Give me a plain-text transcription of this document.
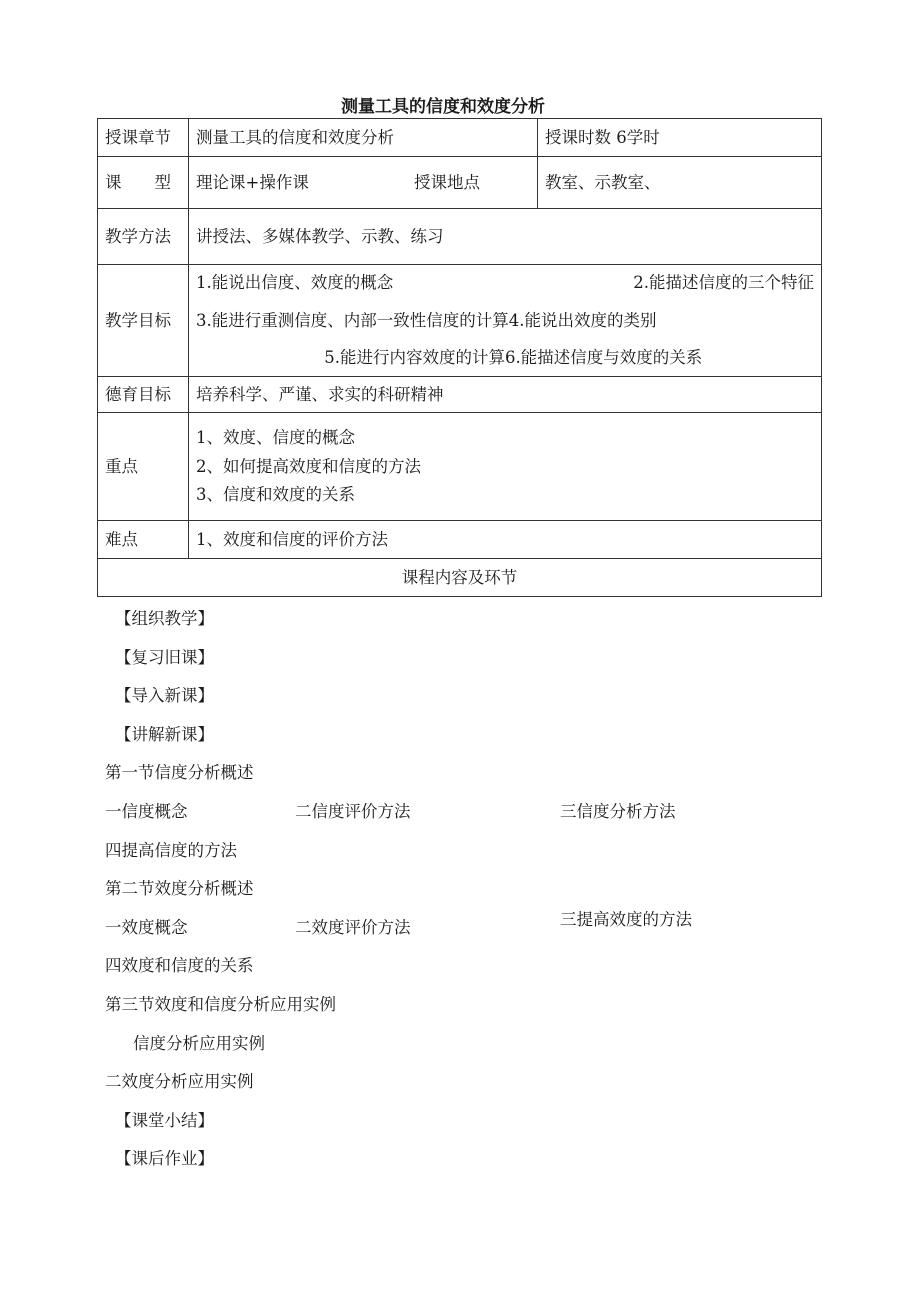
测量工具的信度和效度分析
授课章节	测量工具的信度和效度分析	授课时数 6学时
课　　型	理论课+操作课 授课地点	教室、示教室、
教学方法	讲授法、多媒体教学、示教、练习	
教学目标	1.能说出信度、效度的概念 2.能描述信度的三个特征
3.能进行重测信度、内部一致性信度的计算4.能说出效度的类别
5.能进行内容效度的计算 6.能描述信度与效度的关系	

德育目标	培养科学、严谨、求实的科研精神	
重点	1、效度、信度的概念
2、如何提高效度和信度的方法
3、信度和效度的关系	

难点	1、效度和信度的评价方法	
课程内容及环节		
【组织教学】
【复习旧课】
【导入新课】
【讲解新课】
第一节信度分析概述
一信度概念	二信度评价方法	三信度分析方法
四提高信度的方法
第二节效度分析概述
一效度概念	二效度评价方法	三提高效度的方法
四效度和信度的关系
第三节效度和信度分析应用实例
信度分析应用实例
二效度分析应用实例
【课堂小结】
【课后作业】
